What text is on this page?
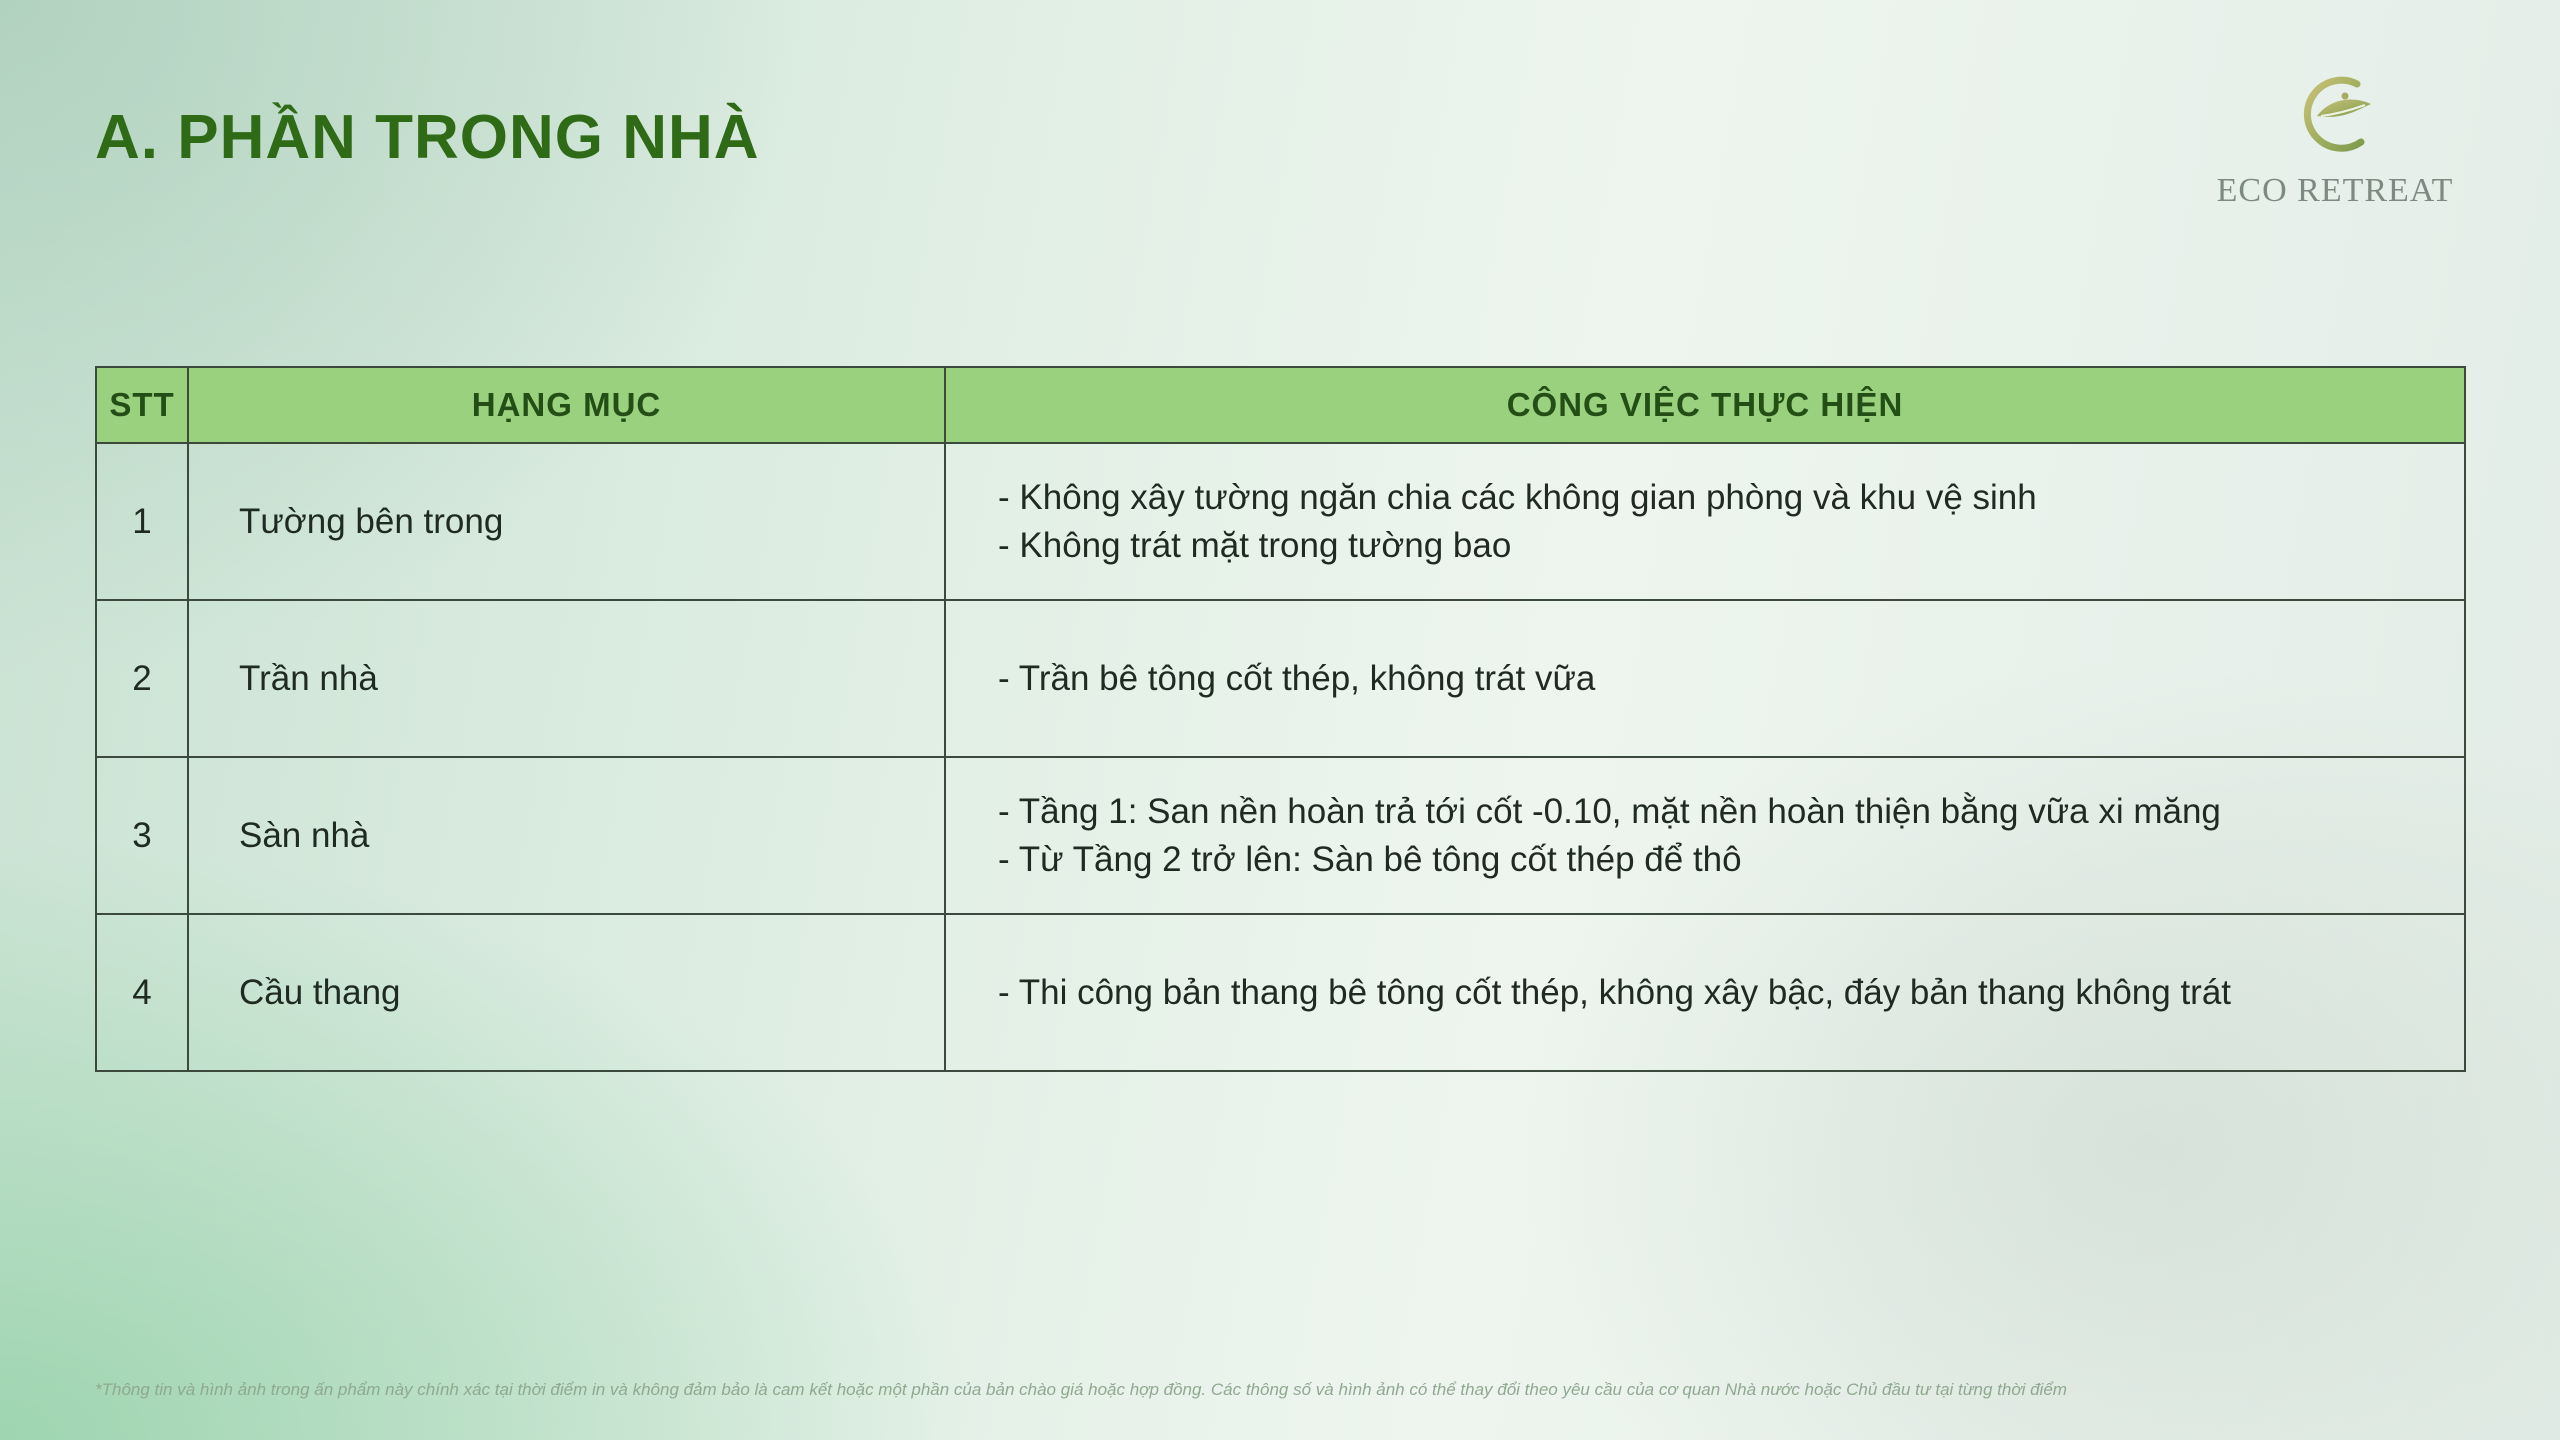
A. PHẦN TRONG NHÀ
ECO RETREAT
STT	HẠNG MỤC	CÔNG VIỆC THỰC HIỆN
1	Tường bên trong	- Không xây tường ngăn chia các không gian phòng và khu vệ sinh
- Không trát mặt trong tường bao

2	Trần nhà	- Trần bê tông cốt thép, không trát vữa

3	Sàn nhà	- Tầng 1: San nền hoàn trả tới cốt -0.10, mặt nền hoàn thiện bằng vữa xi măng
- Từ Tầng 2 trở lên: Sàn bê tông cốt thép để thô

4	Cầu thang	- Thi công bản thang bê tông cốt thép, không xây bậc, đáy bản thang không trát
*Thông tin và hình ảnh trong ấn phẩm này chính xác tại thời điểm in và không đảm bảo là cam kết hoặc một phần của bản chào giá hoặc hợp đồng. Các thông số và hình ảnh có thể thay đổi theo yêu cầu của cơ quan Nhà nước hoặc Chủ đầu tư tại từng thời điểm
